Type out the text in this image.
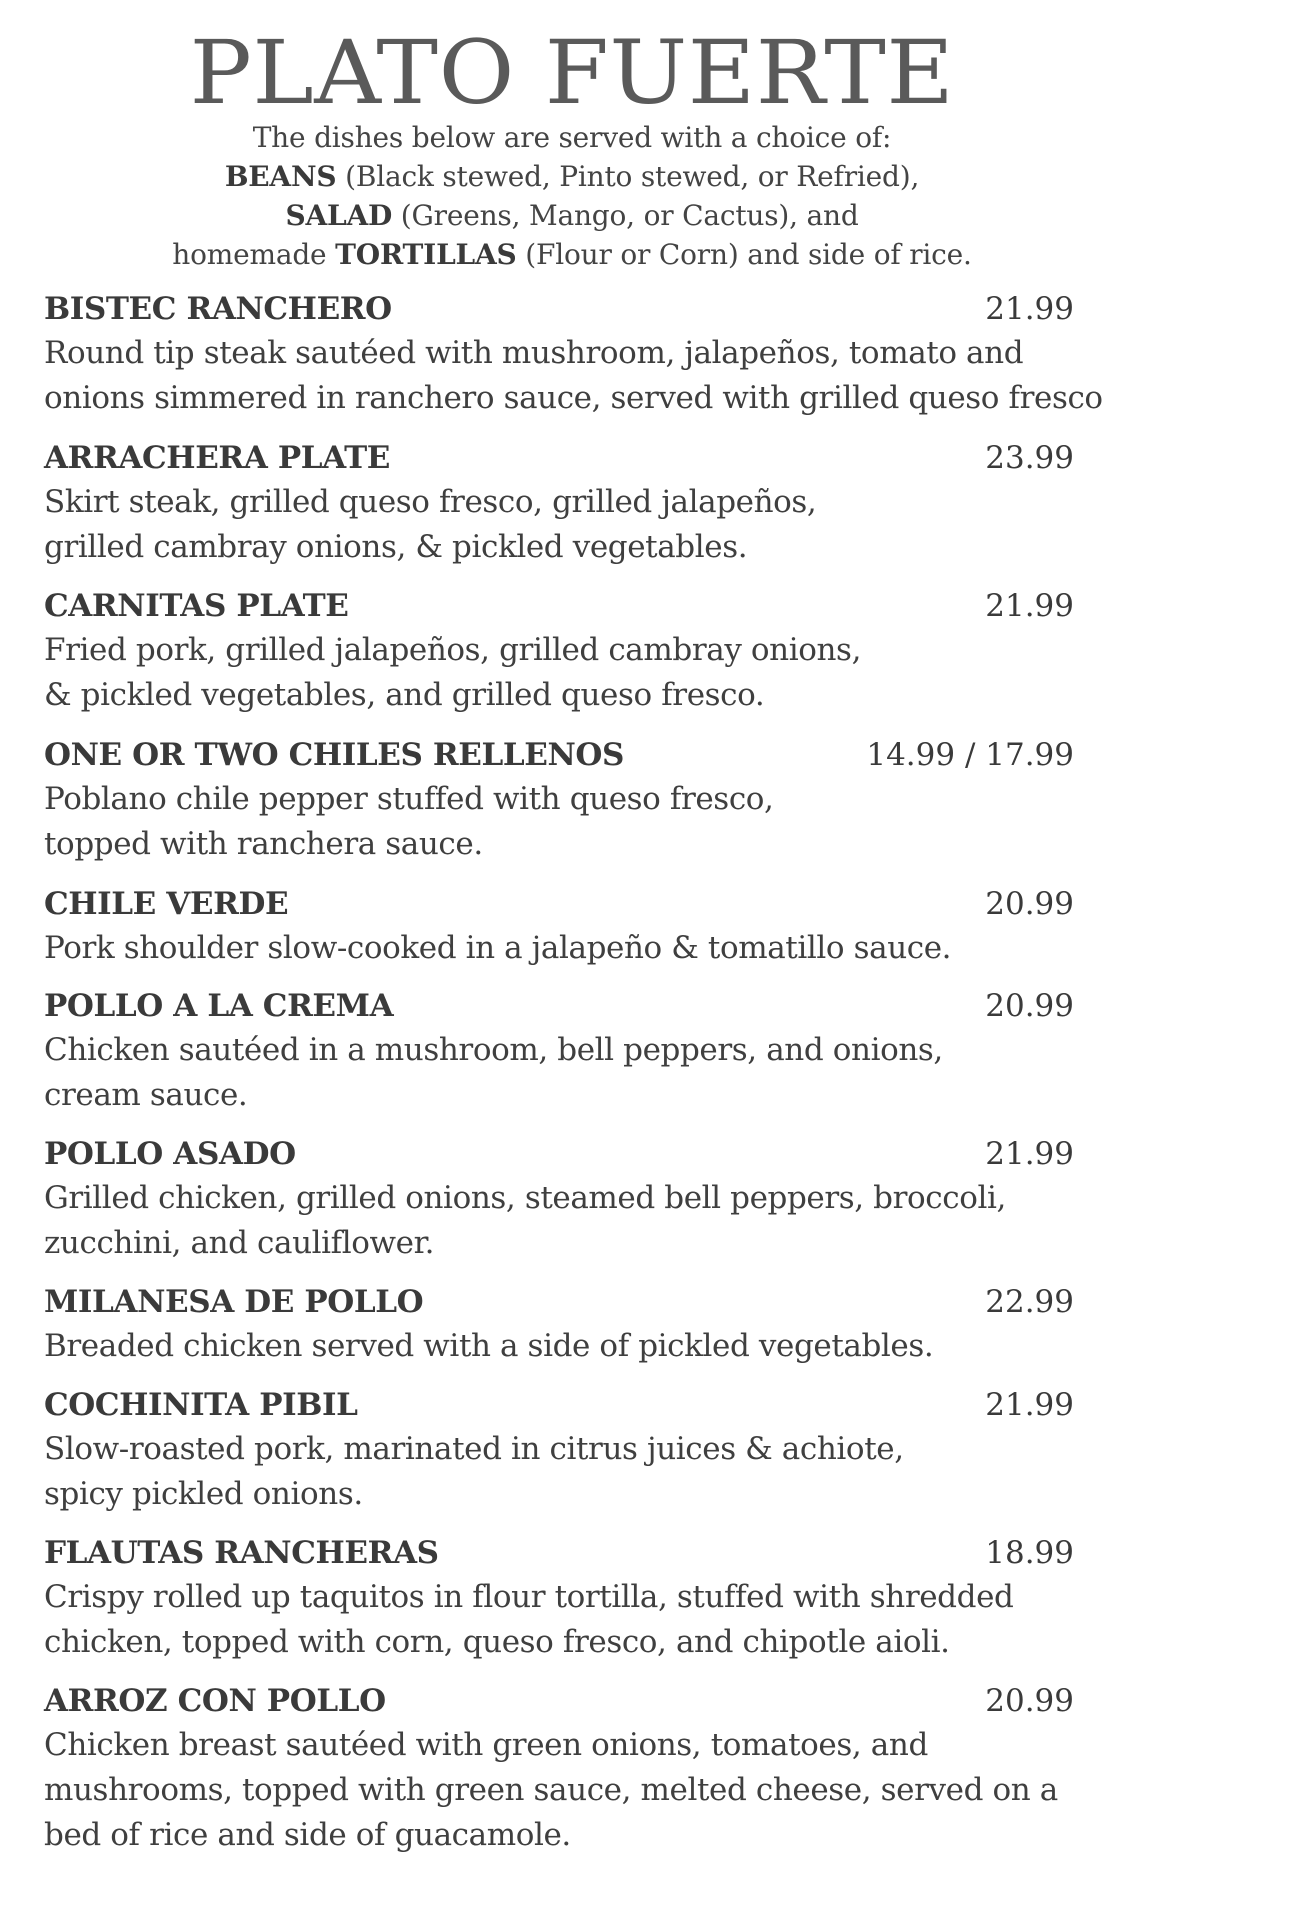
PLATO FUERTE
The dishes below are served with a choice of:
BEANS (Black stewed, Pinto stewed, or Refried),
SALAD (Greens, Mango, or Cactus), and
homemade TORTILLAS (Flour or Corn) and side of rice.
BISTEC RANCHERO	21.99
Round tip steak sautéed with mushroom, jalapeños, tomato and
onions simmered in ranchero sauce, served with grilled queso fresco
ARRACHERA PLATE	23.99
Skirt steak, grilled queso fresco, grilled jalapeños,
grilled cambray onions, & pickled vegetables.
CARNITAS PLATE	21.99
Fried pork, grilled jalapeños, grilled cambray onions,
& pickled vegetables, and grilled queso fresco.
ONE OR TWO CHILES RELLENOS	14.99 / 17.99
Poblano chile pepper stuffed with queso fresco,
topped with ranchera sauce.
CHILE VERDE	20.99
Pork shoulder slow-cooked in a jalapeño & tomatillo sauce.
POLLO A LA CREMA	20.99
Chicken sautéed in a mushroom, bell peppers, and onions,
cream sauce.
POLLO ASADO	21.99
Grilled chicken, grilled onions, steamed bell peppers, broccoli,
zucchini, and cauliflower.
MILANESA DE POLLO	22.99
Breaded chicken served with a side of pickled vegetables.
COCHINITA PIBIL	21.99
Slow-roasted pork, marinated in citrus juices & achiote,
spicy pickled onions.
FLAUTAS RANCHERAS	18.99
Crispy rolled up taquitos in flour tortilla, stuffed with shredded
chicken, topped with corn, queso fresco, and chipotle aioli.
ARROZ CON POLLO	20.99
Chicken breast sautéed with green onions, tomatoes, and
mushrooms, topped with green sauce, melted cheese, served on a
bed of rice and side of guacamole.
